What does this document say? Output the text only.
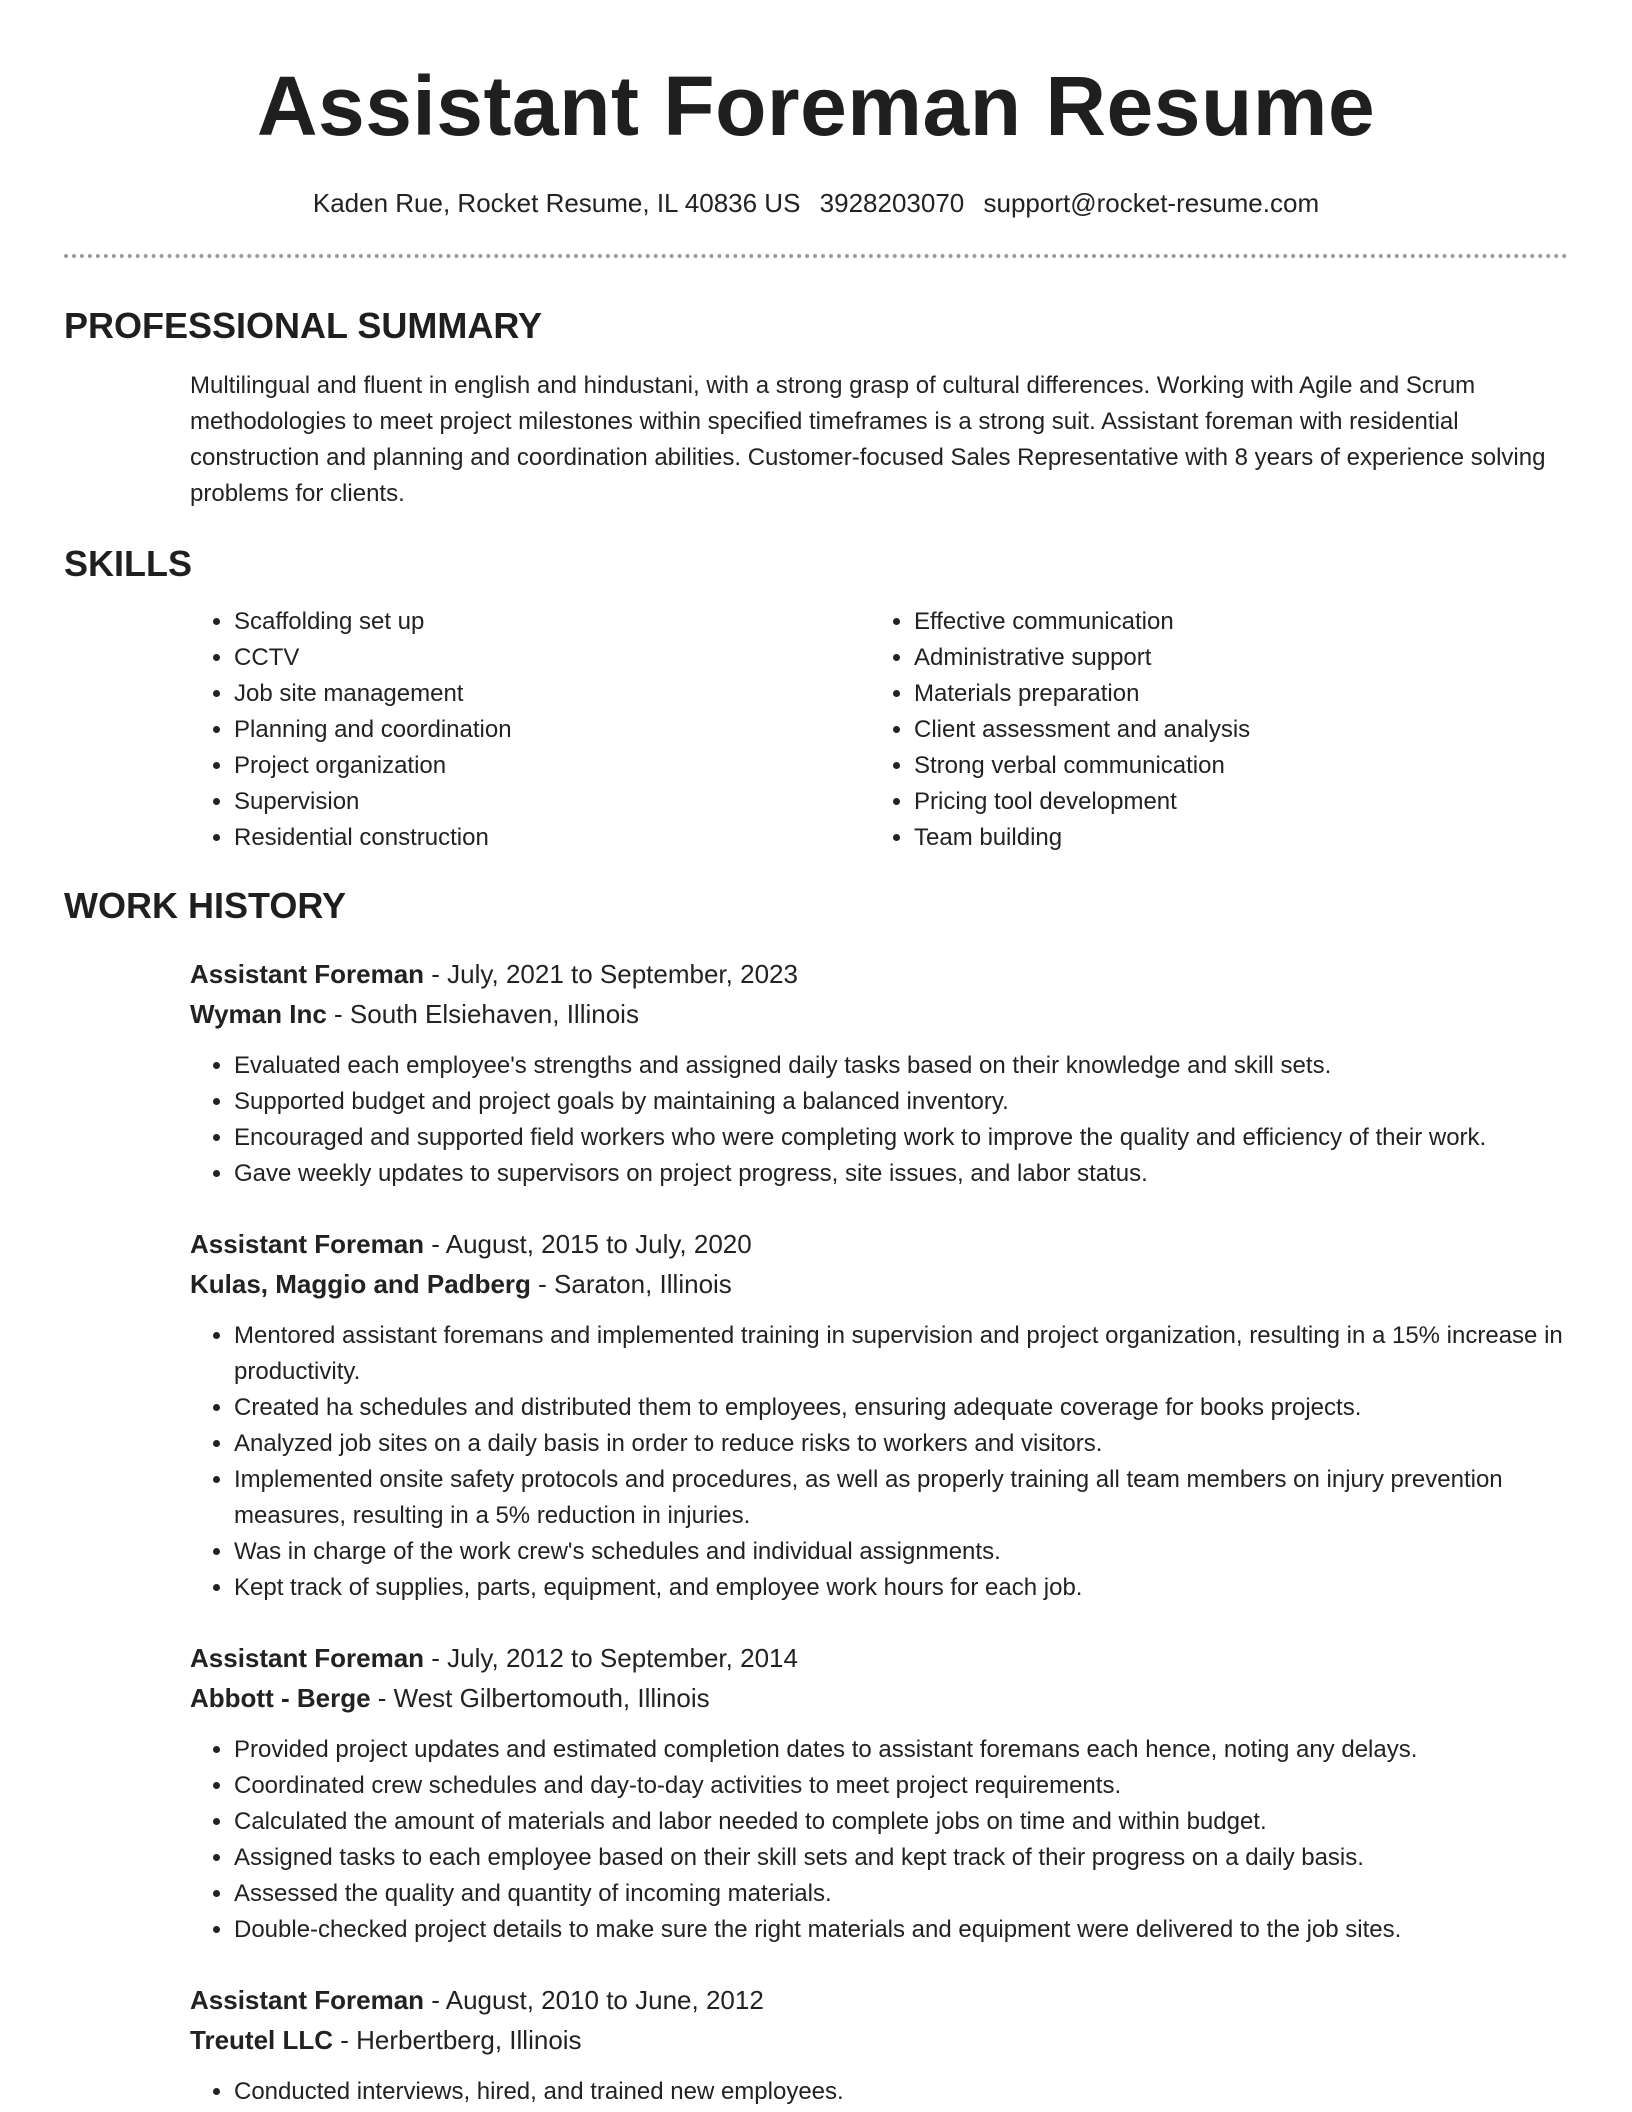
Assistant Foreman Resume
Kaden Rue, Rocket Resume, IL 40836 US 3928203070 support@rocket-resume.com
PROFESSIONAL SUMMARY

Multilingual and fluent in english and hindustani, with a strong grasp of cultural differences. Working with Agile and Scrum methodologies to meet project milestones within specified timeframes is a strong suit. Assistant foreman with residential construction and planning and coordination abilities. Customer-focused Sales Representative with 8 years of experience solving problems for clients.

SKILLS
• Scaffolding set up
• CCTV
• Job site management
• Planning and coordination
• Project organization
• Supervision
• Residential construction
• Effective communication
• Administrative support
• Materials preparation
• Client assessment and analysis
• Strong verbal communication
• Pricing tool development
• Team building
WORK HISTORY
Assistant Foreman - July, 2021 to September, 2023
Wyman Inc - South Elsiehaven, Illinois
• Evaluated each employee's strengths and assigned daily tasks based on their knowledge and skill sets.
• Supported budget and project goals by maintaining a balanced inventory.
• Encouraged and supported field workers who were completing work to improve the quality and efficiency of their work.
• Gave weekly updates to supervisors on project progress, site issues, and labor status.
Assistant Foreman - August, 2015 to July, 2020
Kulas, Maggio and Padberg - Saraton, Illinois
• Mentored assistant foremans and implemented training in supervision and project organization, resulting in a 15% increase in productivity.
• Created ha schedules and distributed them to employees, ensuring adequate coverage for books projects.
• Analyzed job sites on a daily basis in order to reduce risks to workers and visitors.
• Implemented onsite safety protocols and procedures, as well as properly training all team members on injury prevention measures, resulting in a 5% reduction in injuries.
• Was in charge of the work crew's schedules and individual assignments.
• Kept track of supplies, parts, equipment, and employee work hours for each job.
Assistant Foreman - July, 2012 to September, 2014
Abbott - Berge - West Gilbertomouth, Illinois
• Provided project updates and estimated completion dates to assistant foremans each hence, noting any delays.
• Coordinated crew schedules and day-to-day activities to meet project requirements.
• Calculated the amount of materials and labor needed to complete jobs on time and within budget.
• Assigned tasks to each employee based on their skill sets and kept track of their progress on a daily basis.
• Assessed the quality and quantity of incoming materials.
• Double-checked project details to make sure the right materials and equipment were delivered to the job sites.
Assistant Foreman - August, 2010 to June, 2012
Treutel LLC - Herbertberg, Illinois
• Conducted interviews, hired, and trained new employees.
